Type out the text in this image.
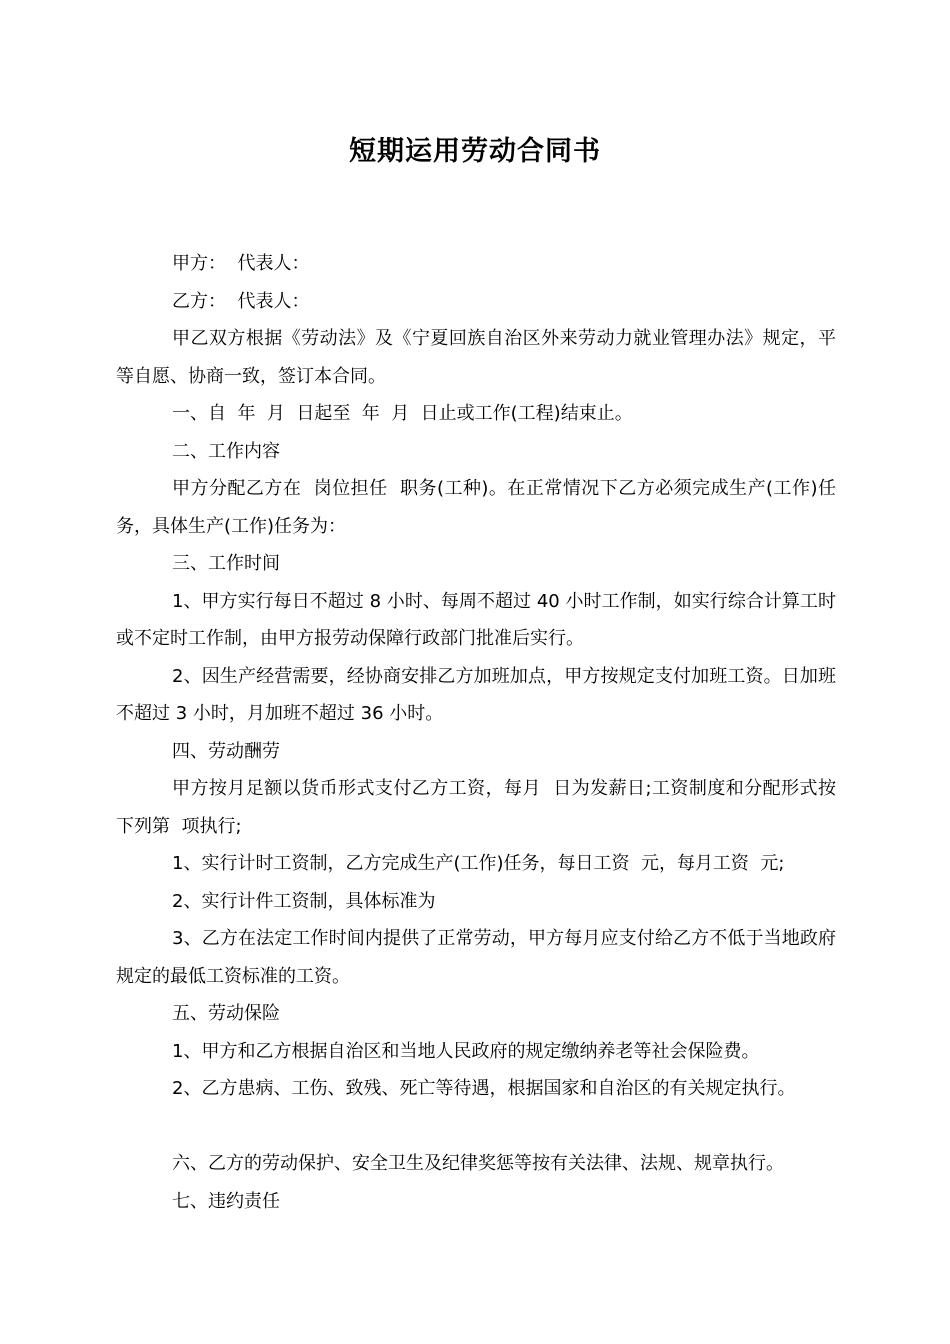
短期运用劳动合同书

甲方：  代表人：

乙方：  代表人：

甲乙双方根据《劳动法》及《宁夏回族自治区外来劳动力就业管理办法》规定，平等自愿、协商一致，签订本合同。

一、自  年  月  日起至  年  月  日止或工作(工程)结束止。

二、工作内容

甲方分配乙方在  岗位担任  职务(工种)。在正常情况下乙方必须完成生产(工作)任务，具体生产(工作)任务为：

三、工作时间

1、甲方实行每日不超过 8 小时、每周不超过 40 小时工作制，如实行综合计算工时或不定时工作制，由甲方报劳动保障行政部门批准后实行。

2、因生产经营需要，经协商安排乙方加班加点，甲方按规定支付加班工资。日加班不超过 3 小时，月加班不超过 36 小时。

四、劳动酬劳

甲方按月足额以货币形式支付乙方工资，每月  日为发薪日;工资制度和分配形式按下列第  项执行;

1、实行计时工资制，乙方完成生产(工作)任务，每日工资  元，每月工资  元;

2、实行计件工资制，具体标准为

3、乙方在法定工作时间内提供了正常劳动，甲方每月应支付给乙方不低于当地政府规定的最低工资标准的工资。

五、劳动保险

1、甲方和乙方根据自治区和当地人民政府的规定缴纳养老等社会保险费。

2、乙方患病、工伤、致残、死亡等待遇，根据国家和自治区的有关规定执行。

六、乙方的劳动保护、安全卫生及纪律奖惩等按有关法律、法规、规章执行。

七、违约责任
